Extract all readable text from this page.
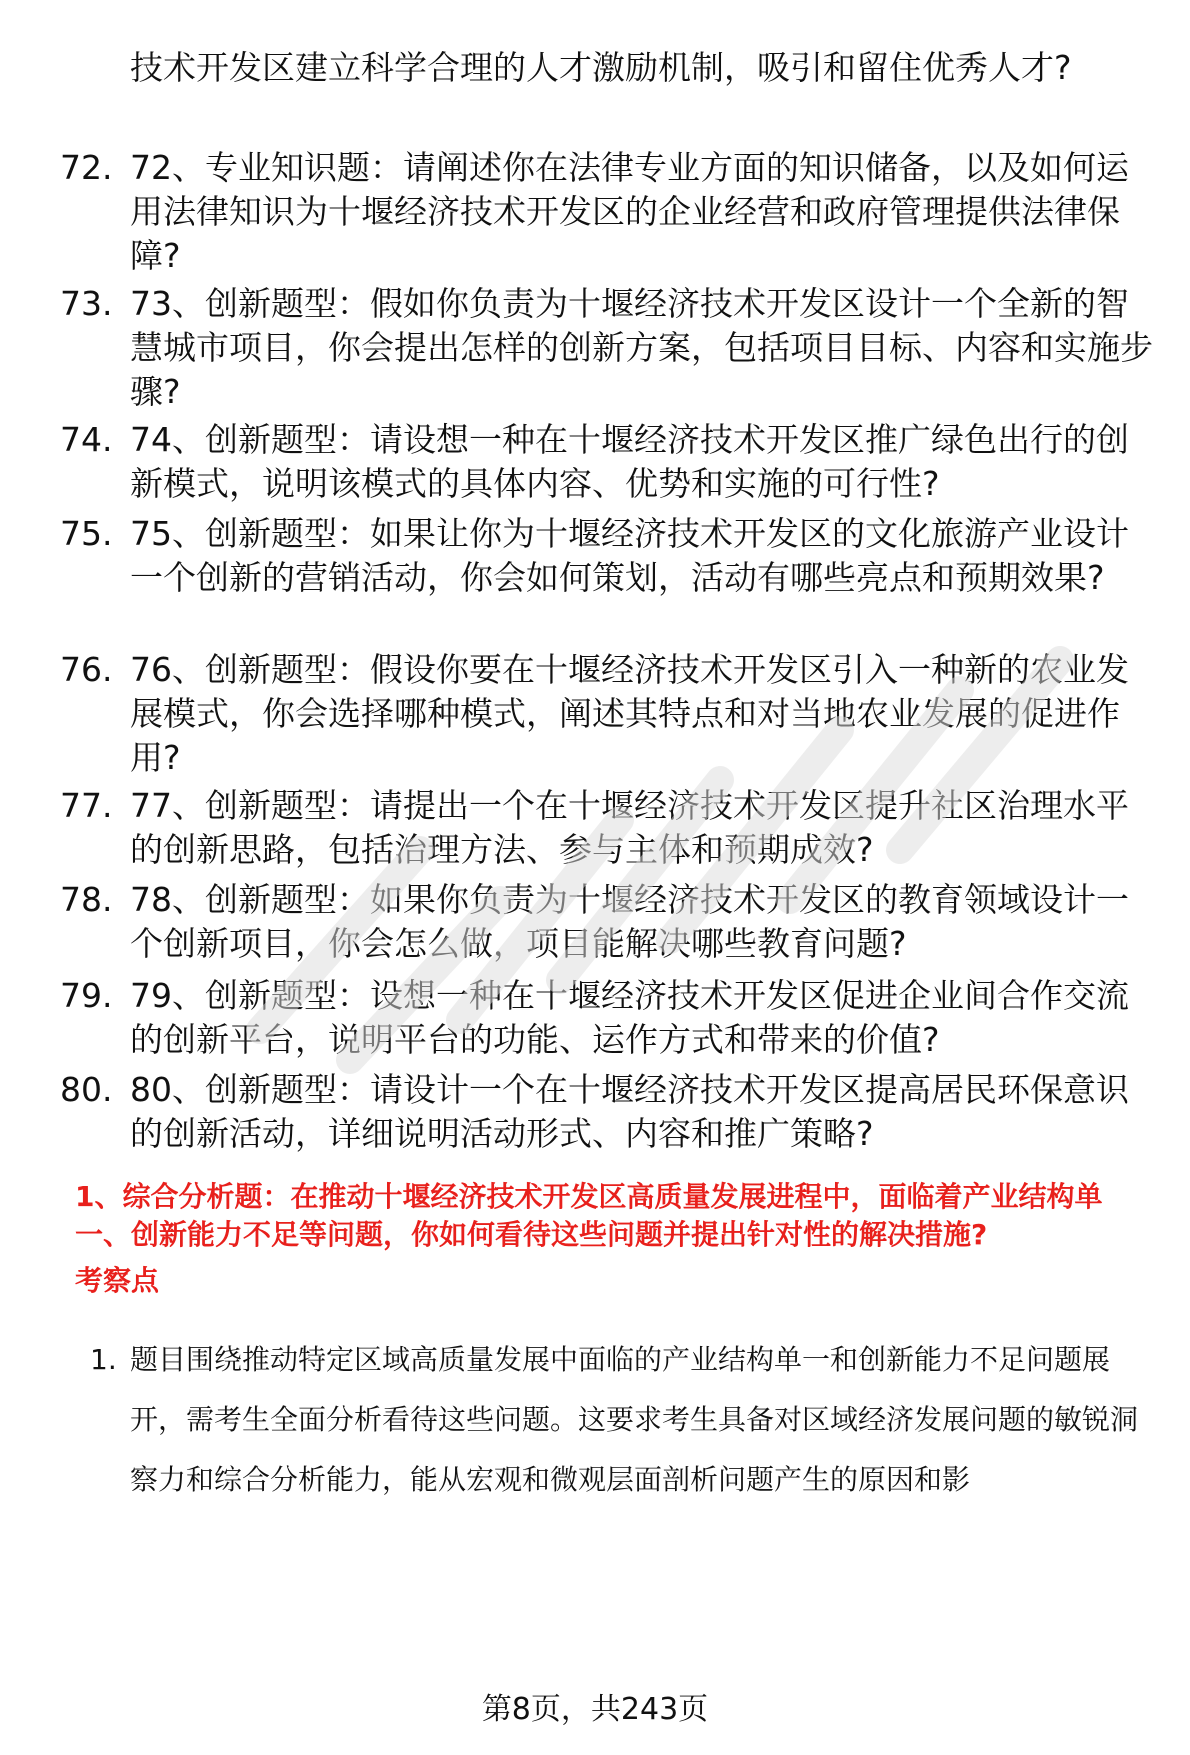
技术开发区建立科学合理的人才激励机制，吸引和留住优秀人才?
72. 72、专业知识题：请阐述你在法律专业方面的知识储备，以及如何运用法律知识为十堰经济技术开发区的企业经营和政府管理提供法律保障?
73. 73、创新题型：假如你负责为十堰经济技术开发区设计一个全新的智慧城市项目，你会提出怎样的创新方案，包括项目目标、内容和实施步骤?
74. 74、创新题型：请设想一种在十堰经济技术开发区推广绿色出行的创新模式，说明该模式的具体内容、优势和实施的可行性?
75. 75、创新题型：如果让你为十堰经济技术开发区的文化旅游产业设计一个创新的营销活动，你会如何策划，活动有哪些亮点和预期效果?
76. 76、创新题型：假设你要在十堰经济技术开发区引入一种新的农业发展模式，你会选择哪种模式，阐述其特点和对当地农业发展的促进作用?
77. 77、创新题型：请提出一个在十堰经济技术开发区提升社区治理水平的创新思路，包括治理方法、参与主体和预期成效?
78. 78、创新题型：如果你负责为十堰经济技术开发区的教育领域设计一个创新项目，你会怎么做，项目能解决哪些教育问题?
79. 79、创新题型：设想一种在十堰经济技术开发区促进企业间合作交流的创新平台，说明平台的功能、运作方式和带来的价值?
80. 80、创新题型：请设计一个在十堰经济技术开发区提高居民环保意识的创新活动，详细说明活动形式、内容和推广策略?
1、综合分析题：在推动十堰经济技术开发区高质量发展进程中，面临着产业结构单一、创新能力不足等问题，你如何看待这些问题并提出针对性的解决措施?
考察点
1. 题目围绕推动特定区域高质量发展中面临的产业结构单一和创新能力不足问题展开，需考生全面分析看待这些问题。这要求考生具备对区域经济发展问题的敏锐洞察力和综合分析能力，能从宏观和微观层面剖析问题产生的原因和影
第8页，共243页
